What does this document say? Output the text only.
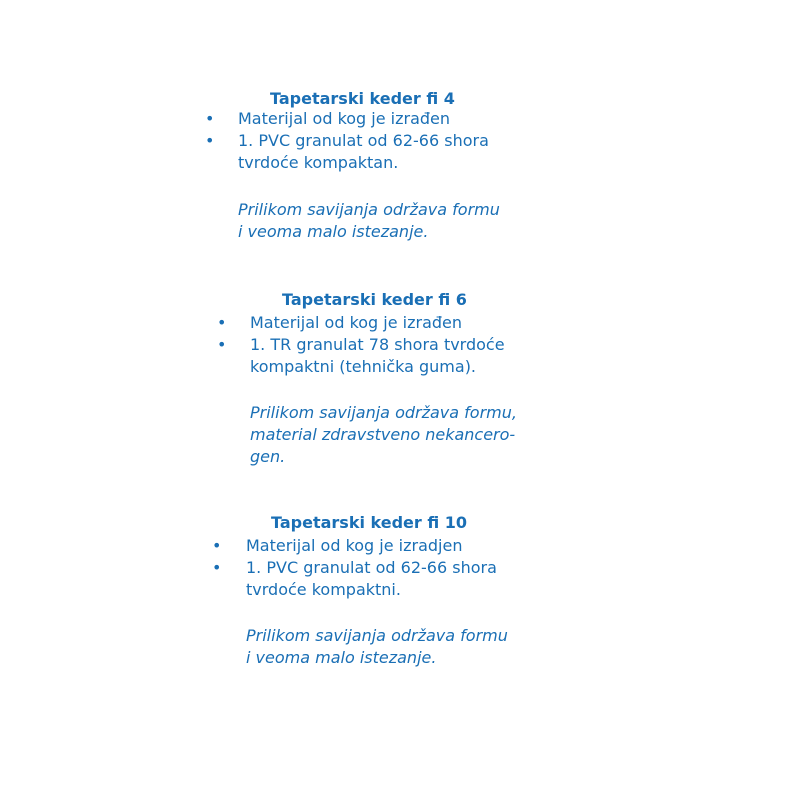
Tapetarski keder fi 4
• Materijal od kog je izrađen
• 1. PVC granulat od 62-66 shora
tvrdoće kompaktan.
Prilikom savijanja održava formu
i veoma malo istezanje.
Tapetarski keder fi 6
• Materijal od kog je izrađen
• 1. TR granulat 78 shora tvrdoće
kompaktni (tehnička guma).
Prilikom savijanja održava formu,
material zdravstveno nekancero-
gen.
Tapetarski keder fi 10
• Materijal od kog je izradjen
• 1. PVC granulat od 62-66 shora
tvrdoće kompaktni.
Prilikom savijanja održava formu
i veoma malo istezanje.
